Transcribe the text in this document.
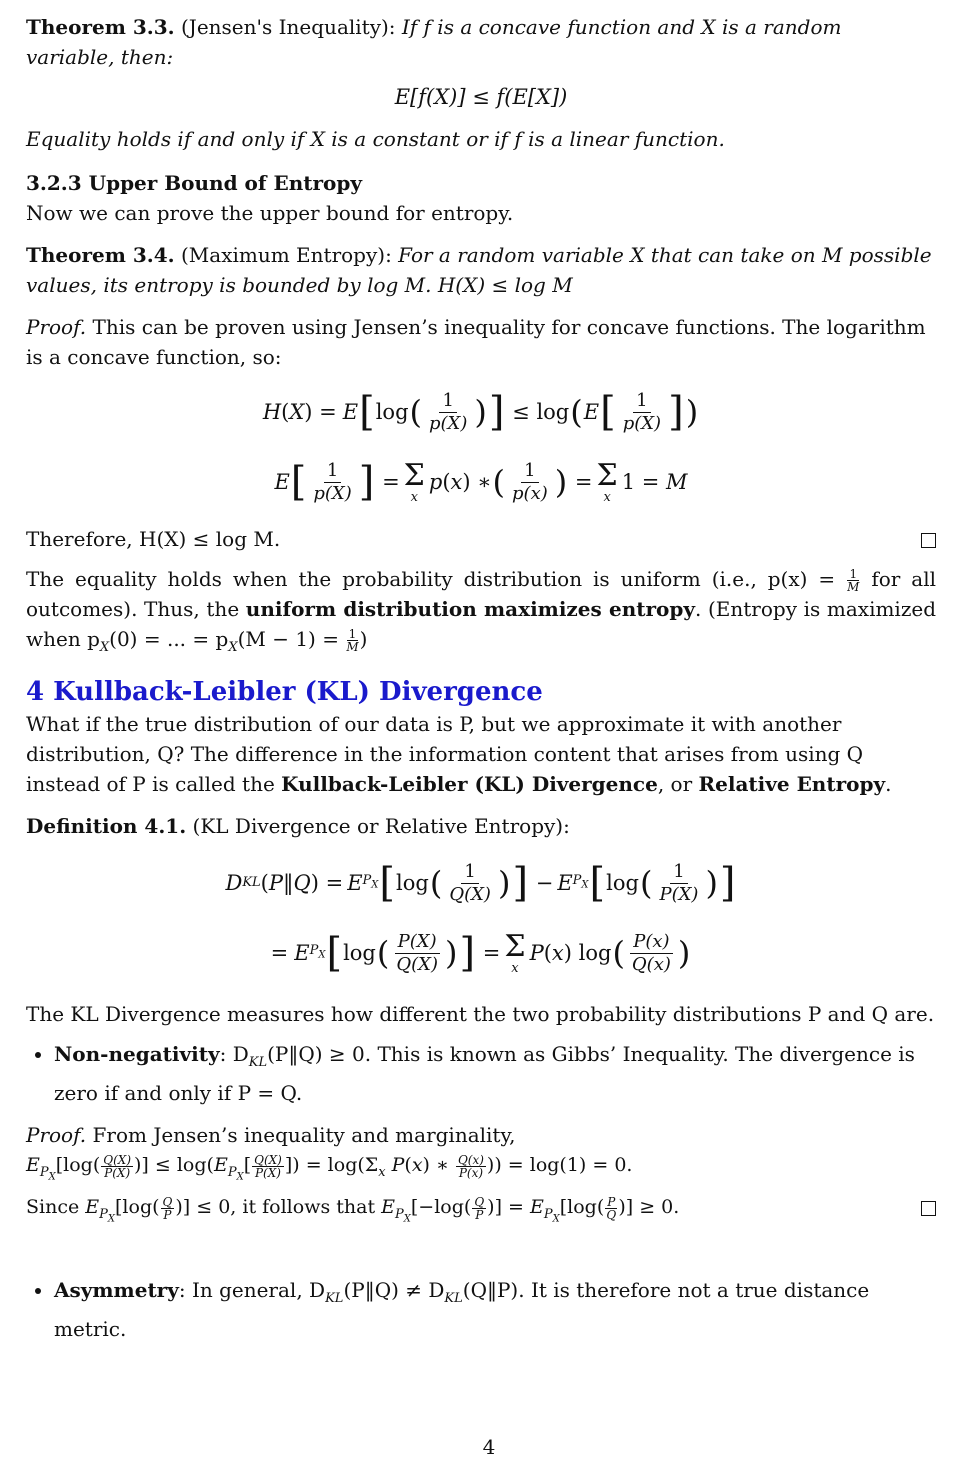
Theorem 3.3. (Jensen's Inequality): If f is a concave function and X is a random variable, then:

E[f(X)] ≤ f(E[X])

Equality holds if and only if X is a constant or if f is a linear function.

3.2.3 Upper Bound of Entropy

Now we can prove the upper bound for entropy.

Theorem 3.4. (Maximum Entropy): For a random variable X that can take on M possible values, its entropy is bounded by log M. H(X) ≤ log M

Proof. This can be proven using Jensen’s inequality for concave functions. The logarithm is a concave function, so:

H ( X ) = E [ log ( $\frac{1}{p(X)}$ ) ] ≤ log ( E [ $\frac{1}{p(X)}$ ] )
E [ $\frac{1}{p(X)}$ ] = Σ
x
p ( x ) ∗ ( $\frac{1}{p(x)}$ ) = Σ
x
1 = M

Therefore, H(X) ≤ log M.

The equality holds when the probability distribution is uniform (i.e., $p(x) = \frac{1}{M}$ for all outcomes). Thus, the uniform distribution maximizes entropy. (Entropy is maximized when $p_X(0)$ = ... = $p_X(M - 1) = \frac{1}{M}$ )

4 Kullback-Leibler (KL) Divergence

What if the true distribution of our data is P, but we approximate it with another distribution, Q? The difference in the information content that arises from using Q instead of P is called the Kullback-Leibler (KL) Divergence, or Relative Entropy.

Definition 4.1. (KL Divergence or Relative Entropy):

D KL ( P ‖ Q ) = E $P_X$ [ log ( $\frac{1}{Q(X)}$ ) ] − E $P_X$ [ log ( $\frac{1}{P(X)}$ ) ]
= E $P_X$ [ log ( $\frac{P(X)}{Q(X)}$ ) ] = Σ
x
P ( x ) log ( $\frac{P(x)}{Q(x)}$ )

The KL Divergence measures how different the two probability distributions P and Q are.

• Non-negativity: $D_{KL}(P‖Q) \ge 0$. This is known as Gibbs’ Inequality. The divergence is zero if and only if P = Q.

Proof. From Jensen’s inequality and marginality,

$E_{P_X}[\log( \frac{Q(X)}{P(X)}$ )] ≤ $\log(E_{P_X}[ \frac{Q(X)}{P(X)}$ ]) = $\log(\Sigma_x$ P(x) ∗ $\frac{Q(x)}{P(x)}$ )) = log(1) = 0.

Since $E_{P_X}[\log( \frac{Q}{P}$ )] ≤ 0, it follows that $E_{P_X}[-\log( \frac{Q}{P}$ )] = $E_{P_X}[\log( \frac{P}{Q}$ )] ≥ 0.

• Asymmetry: In general, $D_{KL}(P‖Q)$ ≠ $D_{KL}(Q‖P)$. It is therefore not a true distance metric.
4
